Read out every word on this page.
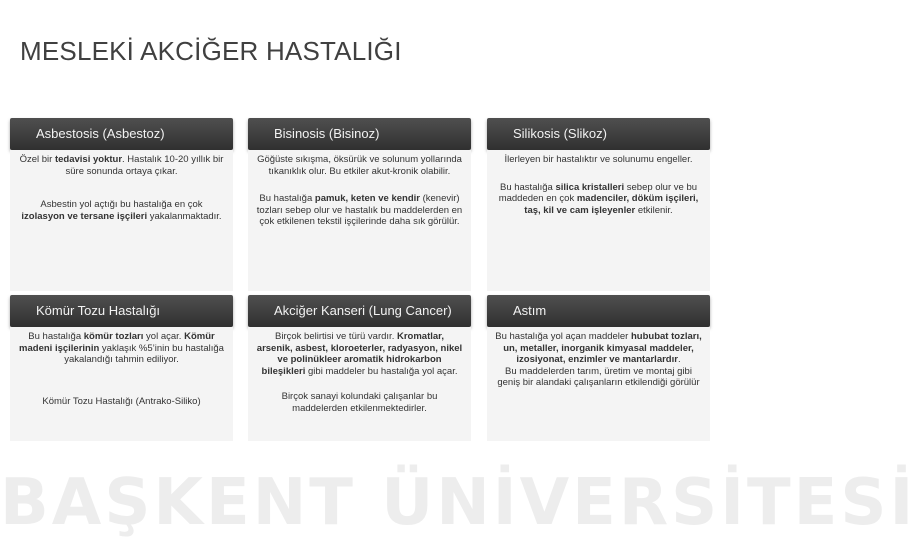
MESLEKİ AKCİĞER HASTALIĞI
BAŞKENT ÜNİVERSİTESİ
Asbestosis (Asbestoz)	Bisinosis (Bisinoz)	Silikosis (Slikoz)

Özel bir tedavisi yoktur. Hastalık 10-20 yıllık bir süre sonunda ortaya çıkar.

Asbestin yol açtığı bu hastalığa en çok izolasyon ve tersane işçileri yakalanmaktadır.

Göğüste sıkışma, öksürük ve solunum yollarında tıkanıklık olur. Bu etkiler akut-kronik olabilir.

Bu hastalığa pamuk, keten ve kendir (kenevir) tozları sebep olur ve hastalık bu maddelerden en çok etkilenen tekstil işçilerinde daha sık görülür.

İlerleyen bir hastalıktır ve solunumu engeller.

Bu hastalığa silica kristalleri sebep olur ve bu maddeden en çok madenciler, döküm işçileri, taş, kil ve cam işleyenler etkilenir.

Kömür Tozu Hastalığı	Akciğer Kanseri (Lung Cancer)	Astım

Bu hastalığa kömür tozları yol açar. Kömür madeni işçilerinin yaklaşık %5’inin bu hastalığa yakalandığı tahmin ediliyor.

Kömür Tozu Hastalığı (Antrako-Siliko)

Birçok belirtisi ve türü vardır. Kromatlar, arsenik, asbest, kloroeterler, radyasyon, nikel ve polinükleer aromatik hidrokarbon bileşikleri gibi maddeler bu hastalığa yol açar.

Birçok sanayi kolundaki çalışanlar bu maddelerden etkilenmektedirler.

Bu hastalığa yol açan maddeler hububat tozları, un, metaller, inorganik kimyasal maddeler, izosiyonat, enzimler ve mantarlardır.

Bu maddelerden tarım, üretim ve montaj gibi geniş bir alandaki çalışanların etkilendiği görülür
